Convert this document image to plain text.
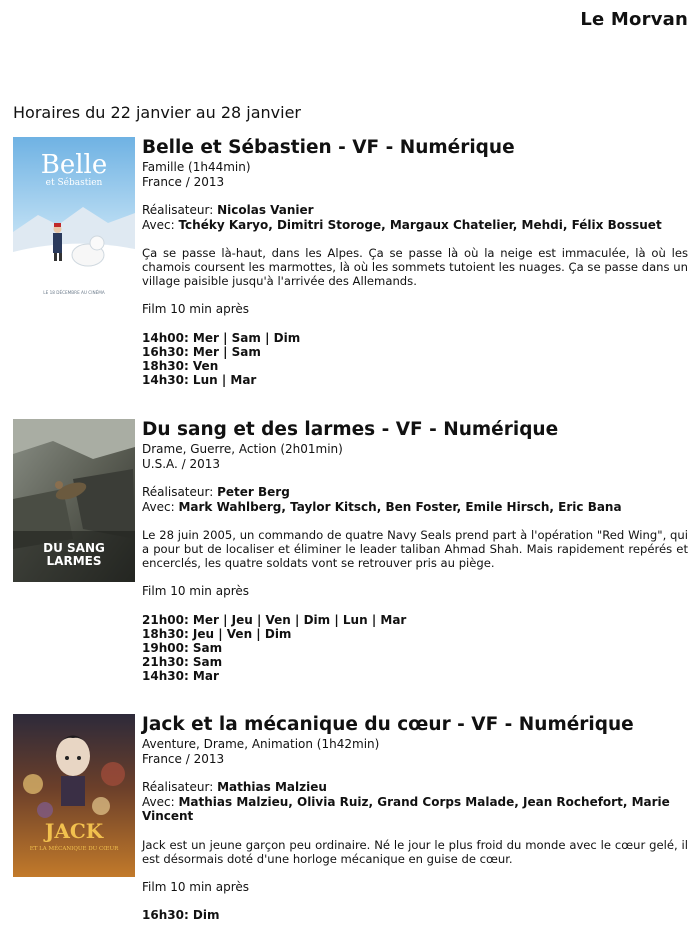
Le Morvan
Horaires du 22 janvier au 28 janvier
Belle
et Sébastien
LE 18 DÉCEMBRE AU CINÉMA
Belle et Sébastien - VF - Numérique
Famille (1h44min)
France / 2013
Réalisateur: Nicolas Vanier
Avec: Tchéky Karyo, Dimitri Storoge, Margaux Chatelier, Mehdi, Félix Bossuet

Ça se passe là-haut, dans les Alpes. Ça se passe là où la neige est immaculée, là où les chamois coursent les marmottes, là où les sommets tutoient les nuages. Ça se passe dans un village paisible jusqu'à l'arrivée des Allemands.

Film 10 min après

14h00: Mer | Sam | Dim
16h30: Mer | Sam
18h30: Ven
14h30: Lun | Mar
DU SANG
LARMES
Du sang et des larmes - VF - Numérique
Drame, Guerre, Action (2h01min)
U.S.A. / 2013
Réalisateur: Peter Berg
Avec: Mark Wahlberg, Taylor Kitsch, Ben Foster, Emile Hirsch, Eric Bana

Le 28 juin 2005, un commando de quatre Navy Seals prend part à l'opération "Red Wing", qui a pour but de localiser et éliminer le leader taliban Ahmad Shah. Mais rapidement repérés et encerclés, les quatre soldats vont se retrouver pris au piège.

Film 10 min après

21h00: Mer | Jeu | Ven | Dim | Lun | Mar
18h30: Jeu | Ven | Dim
19h00: Sam
21h30: Sam
14h30: Mar
JACK
ET LA MÉCANIQUE DU CŒUR
Jack et la mécanique du cœur - VF - Numérique
Aventure, Drame, Animation (1h42min)
France / 2013
Réalisateur: Mathias Malzieu
Avec: Mathias Malzieu, Olivia Ruiz, Grand Corps Malade, Jean Rochefort, Marie Vincent

Jack est un jeune garçon peu ordinaire. Né le jour le plus froid du monde avec le cœur gelé, il est désormais doté d'une horloge mécanique en guise de cœur.

Film 10 min après

16h30: Dim
